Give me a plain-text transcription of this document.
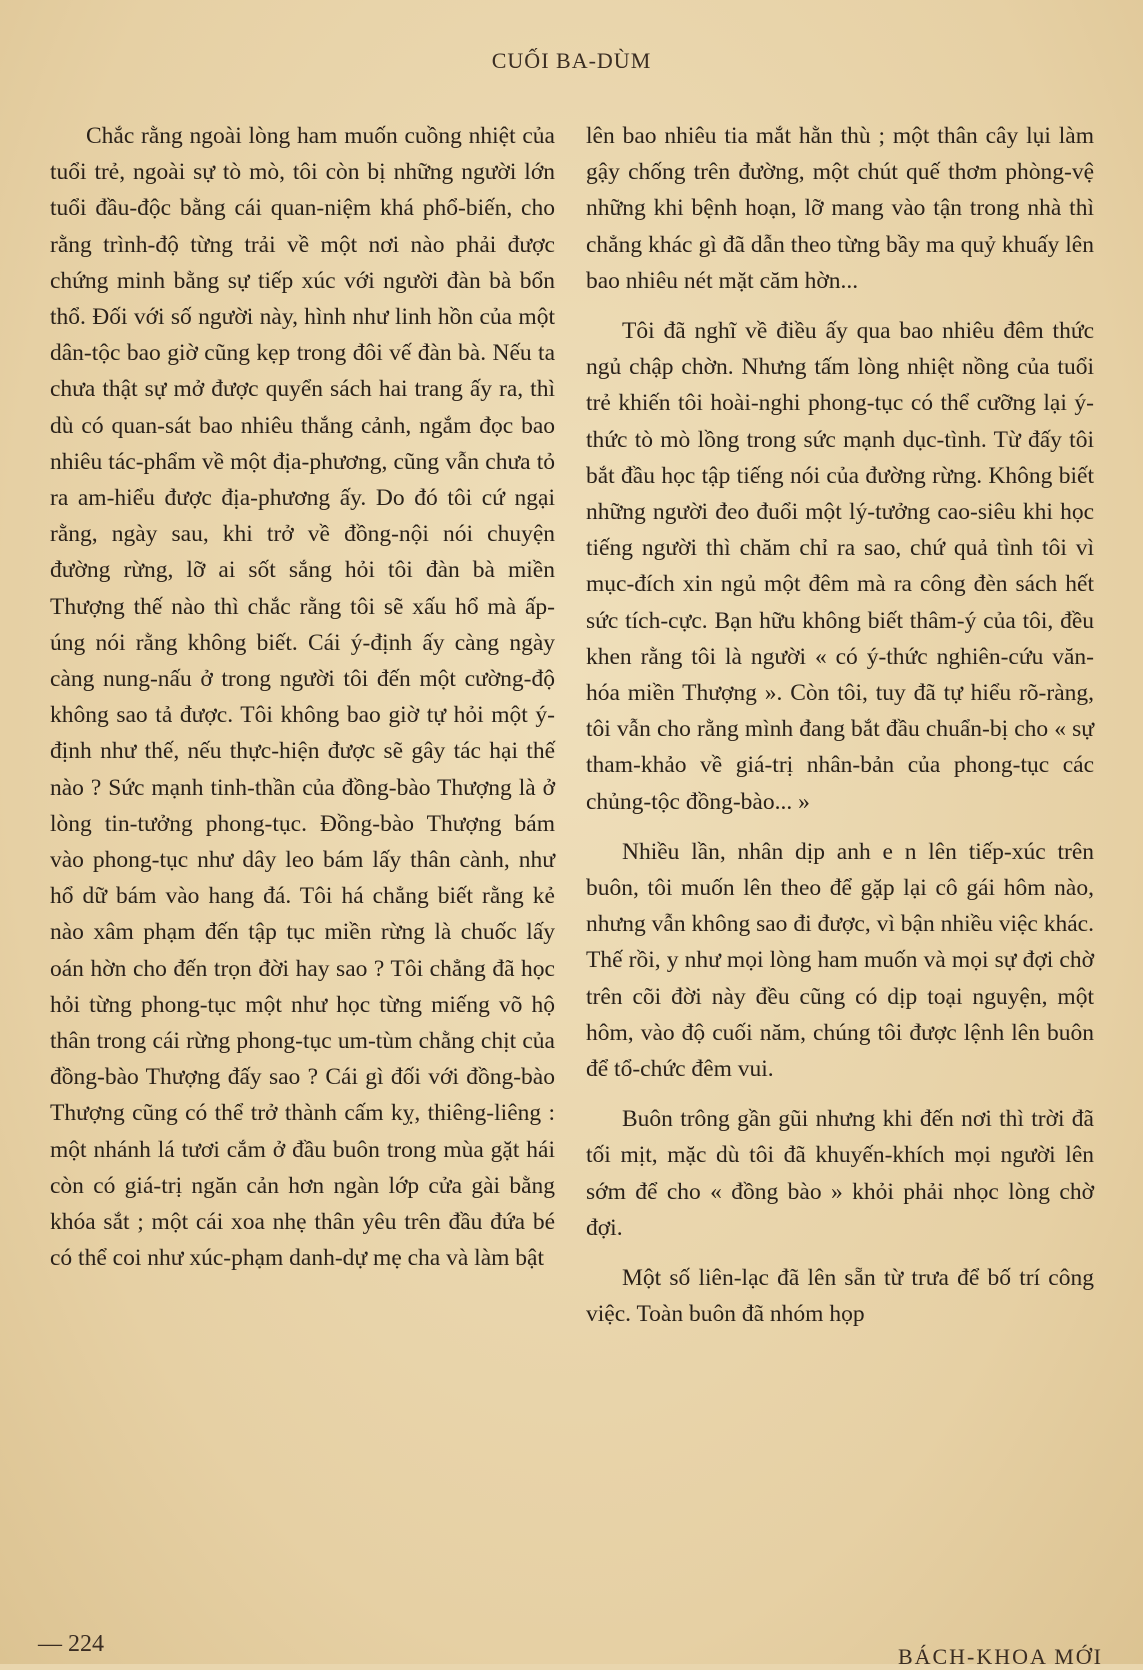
CUỐI BA-DÙM

Chắc rằng ngoài lòng ham muốn cuồng nhiệt của tuổi trẻ, ngoài sự tò mò, tôi còn bị những người lớn tuổi đầu-độc bằng cái quan-niệm khá phổ-biến, cho rằng trình-độ từng trải về một nơi nào phải được chứng minh bằng sự tiếp xúc với người đàn bà bổn thổ. Đối với số người này, hình như linh hồn của một dân-tộc bao giờ cũng kẹp trong đôi vế đàn bà. Nếu ta chưa thật sự mở được quyển sách hai trang ấy ra, thì dù có quan-sát bao nhiêu thắng cảnh, ngắm đọc bao nhiêu tác-phẩm về một địa-phương, cũng vẫn chưa tỏ ra am-hiểu được địa-phương ấy. Do đó tôi cứ ngại rằng, ngày sau, khi trở về đồng-nội nói chuyện đường rừng, lỡ ai sốt sắng hỏi tôi đàn bà miền Thượng thế nào thì chắc rằng tôi sẽ xấu hổ mà ấp-úng nói rằng không biết. Cái ý-định ấy càng ngày càng nung-nấu ở trong người tôi đến một cường-độ không sao tả được. Tôi không bao giờ tự hỏi một ý-định như thế, nếu thực-hiện được sẽ gây tác hại thế nào ? Sức mạnh tinh-thần của đồng-bào Thượng là ở lòng tin-tưởng phong-tục. Đồng-bào Thượng bám vào phong-tục như dây leo bám lấy thân cành, như hổ dữ bám vào hang đá. Tôi há chẳng biết rằng kẻ nào xâm phạm đến tập tục miền rừng là chuốc lấy oán hờn cho đến trọn đời hay sao ? Tôi chẳng đã học hỏi từng phong-tục một như học từng miếng võ hộ thân trong cái rừng phong-tục um-tùm chằng chịt của đồng-bào Thượng đấy sao ? Cái gì đối với đồng-bào Thượng cũng có thể trở thành cấm kỵ, thiêng-liêng : một nhánh lá tươi cắm ở đầu buôn trong mùa gặt hái còn có giá-trị ngăn cản hơn ngàn lớp cửa gài bằng khóa sắt ; một cái xoa nhẹ thân yêu trên đầu đứa bé có thể coi như xúc-phạm danh-dự mẹ cha và làm bật

lên bao nhiêu tia mắt hằn thù ; một thân cây lụi làm gậy chống trên đường, một chút quế thơm phòng-vệ những khi bệnh hoạn, lỡ mang vào tận trong nhà thì chẳng khác gì đã dẫn theo từng bầy ma quỷ khuấy lên bao nhiêu nét mặt căm hờn...

Tôi đã nghĩ về điều ấy qua bao nhiêu đêm thức ngủ chập chờn. Nhưng tấm lòng nhiệt nồng của tuổi trẻ khiến tôi hoài-nghi phong-tục có thể cưỡng lại ý-thức tò mò lồng trong sức mạnh dục-tình. Từ đấy tôi bắt đầu học tập tiếng nói của đường rừng. Không biết những người đeo đuổi một lý-tưởng cao-siêu khi học tiếng người thì chăm chỉ ra sao, chứ quả tình tôi vì mục-đích xin ngủ một đêm mà ra công đèn sách hết sức tích-cực. Bạn hữu không biết thâm-ý của tôi, đều khen rằng tôi là người « có ý-thức nghiên-cứu văn-hóa miền Thượng ». Còn tôi, tuy đã tự hiểu rõ-ràng, tôi vẫn cho rằng mình đang bắt đầu chuẩn-bị cho « sự tham-khảo về giá-trị nhân-bản của phong-tục các chủng-tộc đồng-bào... »

Nhiều lần, nhân dịp anh e n lên tiếp-xúc trên buôn, tôi muốn lên theo để gặp lại cô gái hôm nào, nhưng vẫn không sao đi được, vì bận nhiều việc khác. Thế rồi, y như mọi lòng ham muốn và mọi sự đợi chờ trên cõi đời này đều cũng có dịp toại nguyện, một hôm, vào độ cuối năm, chúng tôi được lệnh lên buôn để tổ-chức đêm vui.

Buôn trông gần gũi nhưng khi đến nơi thì trời đã tối mịt, mặc dù tôi đã khuyến-khích mọi người lên sớm để cho « đồng bào » khỏi phải nhọc lòng chờ đợi.

Một số liên-lạc đã lên sẵn từ trưa để bố trí công việc. Toàn buôn đã nhóm họp

— 224	BÁCH-KHOA MỚI
